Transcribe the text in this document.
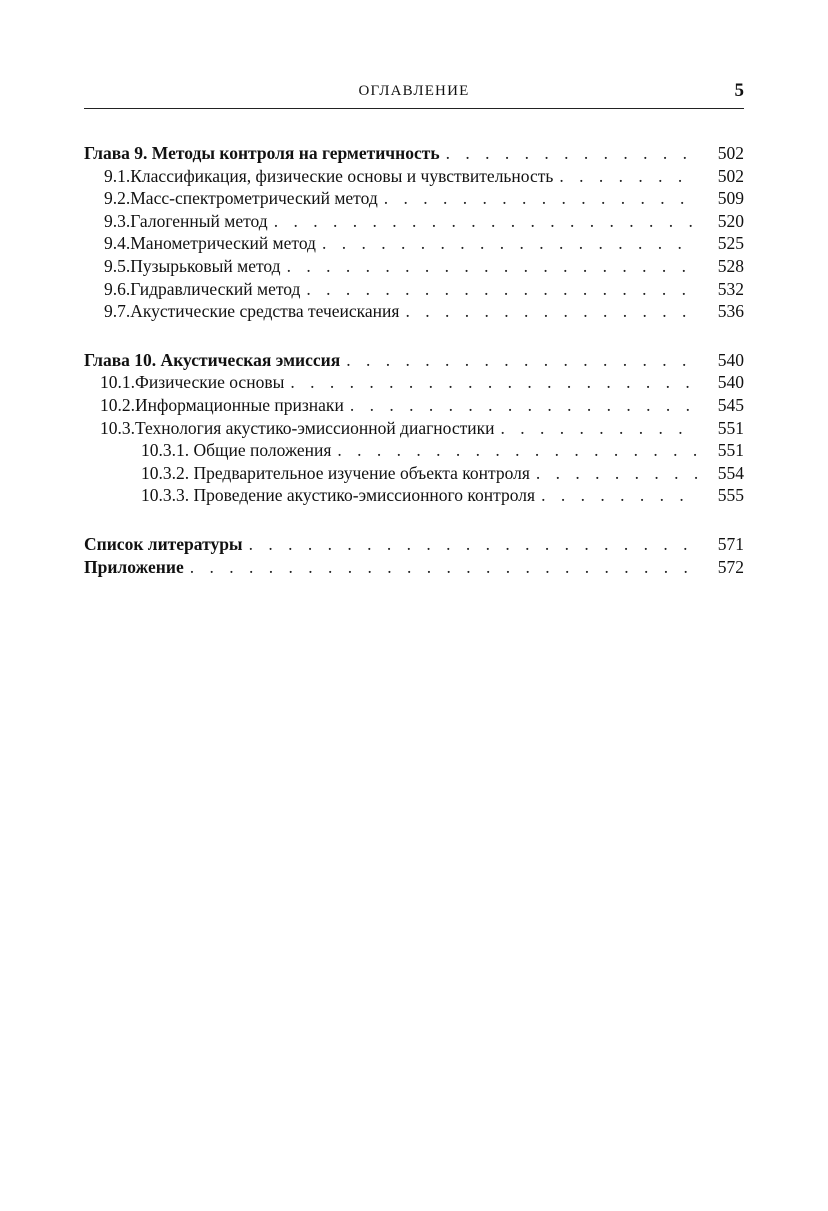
ОГЛАВЛЕНИЕ	5
Глава 9. Методы контроля на герметичность . . .	502
9.1. Классификация, физические основы и чувствительность . . .	502
9.2. Масс-спектрометрический метод . . .	509
9.3. Галогенный метод . . .	520
9.4. Манометрический метод . . .	525
9.5. Пузырьковый метод . . .	528
9.6. Гидравлический метод . . .	532
9.7. Акустические средства течеискания . . .	536
Глава 10. Акустическая эмиссия . . .	540
10.1. Физические основы . . .	540
10.2. Информационные признаки . . .	545
10.3. Технология акустико-эмиссионной диагностики . . .	551
10.3.1. Общие положения . . .	551
10.3.2. Предварительное изучение объекта контроля . . .	554
10.3.3. Проведение акустико-эмиссионного контроля . . .	555
Список литературы . . .	571
Приложение . . .	572
